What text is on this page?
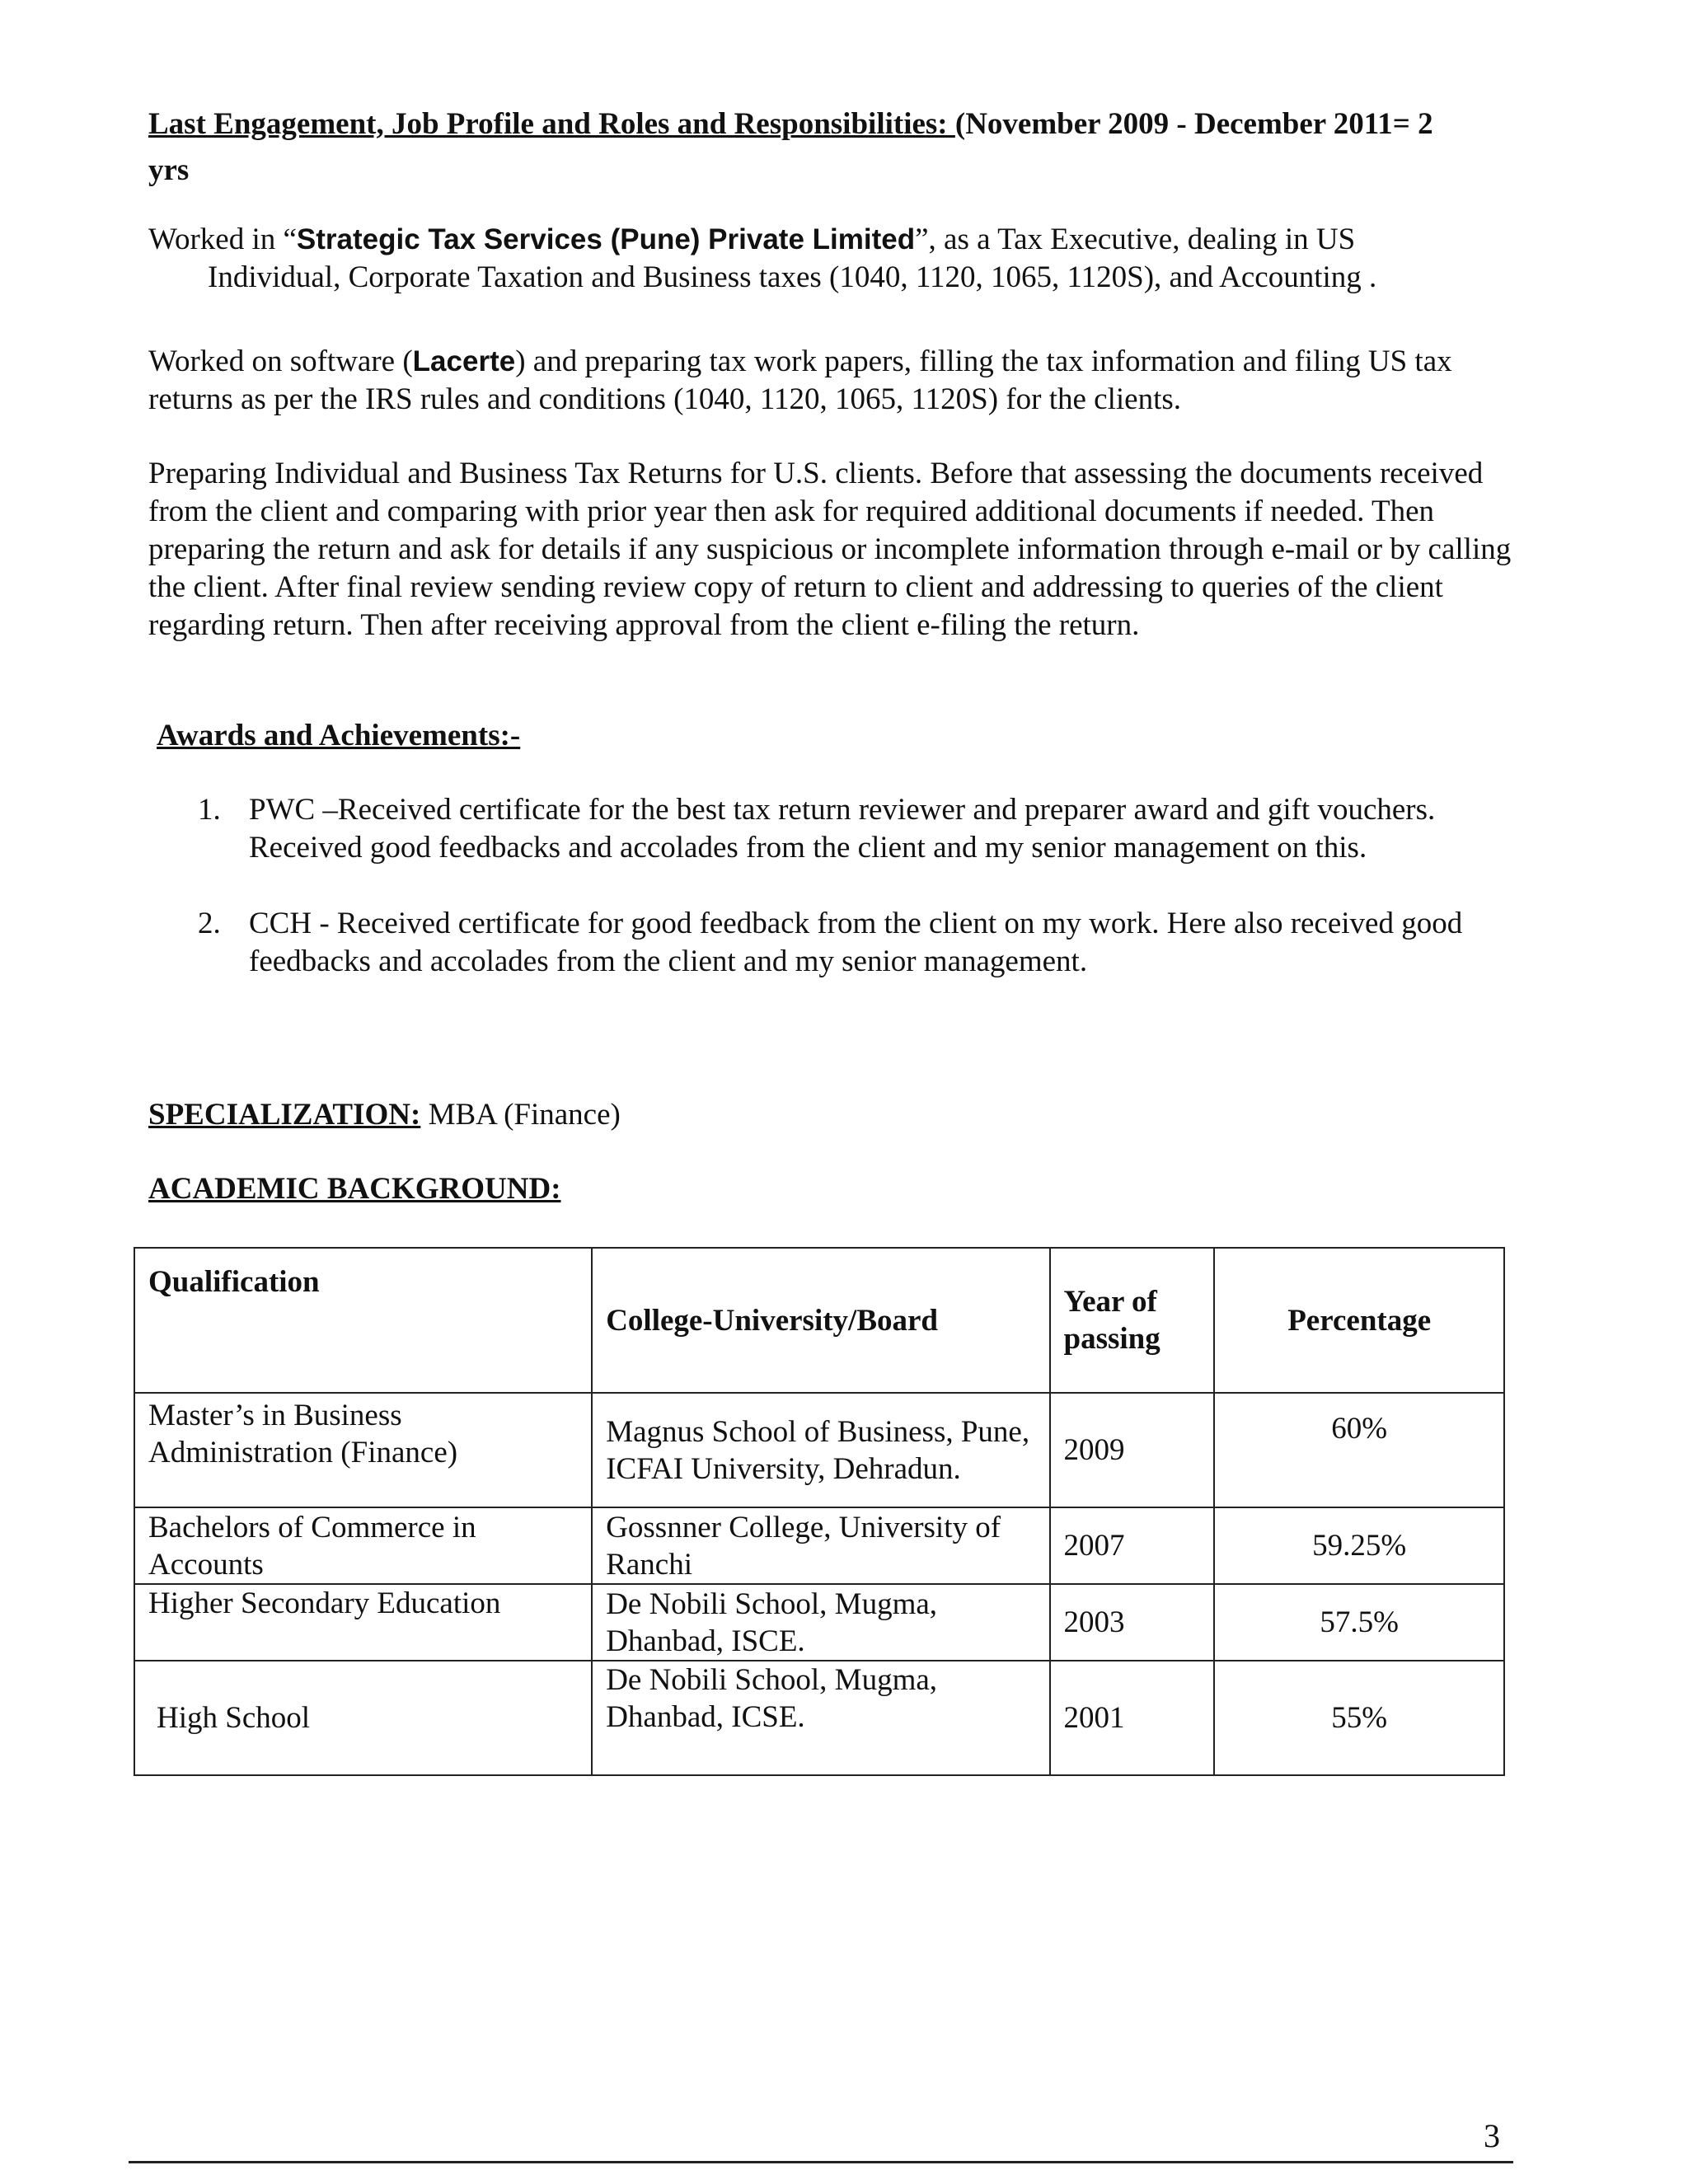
Last Engagement, Job Profile and Roles and Responsibilities: (November 2009 - December 2011= 2
yrs
Worked in “Strategic Tax Services (Pune) Private Limited”, as a Tax Executive, dealing in US
Individual, Corporate Taxation and Business taxes (1040, 1120, 1065, 1120S), and Accounting .
Worked on software (Lacerte) and preparing tax work papers, filling the tax information and filing US tax returns as per the IRS rules and conditions (1040, 1120, 1065, 1120S) for the clients.
Preparing Individual and Business Tax Returns for U.S. clients. Before that assessing the documents received from the client and comparing with prior year then ask for required additional documents if needed. Then preparing the return and ask for details if any suspicious or incomplete information through e-mail or by calling the client. After final review sending review copy of return to client and addressing to queries of the client regarding return. Then after receiving approval from the client e-filing the return.
Awards and Achievements:-
1. PWC –Received certificate for the best tax return reviewer and preparer award and gift vouchers. Received good feedbacks and accolades from the client and my senior management on this.
2. CCH - Received certificate for good feedback from the client on my work. Here also received good feedbacks and accolades from the client and my senior management.
SPECIALIZATION: MBA (Finance)
ACADEMIC BACKGROUND:
Qualification	College-University/Board	Year of passing	Percentage
Master’s in Business Administration (Finance)	Magnus School of Business, Pune, ICFAI University, Dehradun.	2009	60%
Bachelors of Commerce in Accounts	Gossnner College, University of Ranchi	2007	59.25%
Higher Secondary Education	De Nobili School, Mugma, Dhanbad, ISCE.	2003	57.5%
High School	De Nobili School, Mugma, Dhanbad, ICSE.	2001	55%
3
